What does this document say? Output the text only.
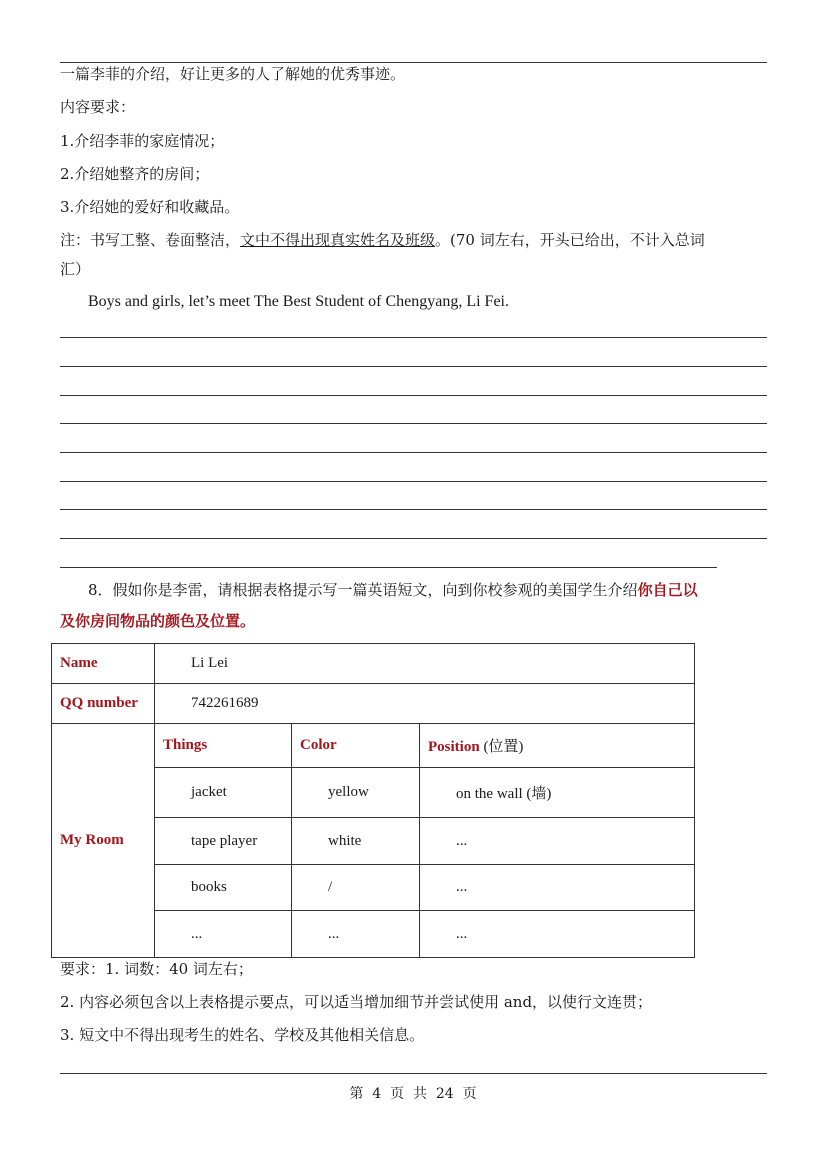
一篇李菲的介绍，好让更多的人了解她的优秀事迹。
内容要求：
1.介绍李菲的家庭情况；
2.介绍她整齐的房间；
3.介绍她的爱好和收藏品。
注：书写工整、卷面整洁，文中不得出现真实姓名及班级。(70 词左右，开头已给出，不计入总词
汇）
Boys and girls, let’s meet The Best Student of Chengyang, Li Fei.
8．假如你是李雷，请根据表格提示写一篇英语短文，向到你校参观的美国学生介绍你自己以
及你房间物品的颜色及位置。
Name	Li Lei		
QQ number	742261689		
My Room	Things	Color	Position (位置)
	jacket	yellow	on the wall (墙)
	tape player	white	...
	books	/	...
	...	...	...
要求：1. 词数：40 词左右；
2. 内容必须包含以上表格提示要点，可以适当增加细节并尝试使用 and，以使行文连贯；
3. 短文中不得出现考生的姓名、学校及其他相关信息。
第  4  页  共  24  页
